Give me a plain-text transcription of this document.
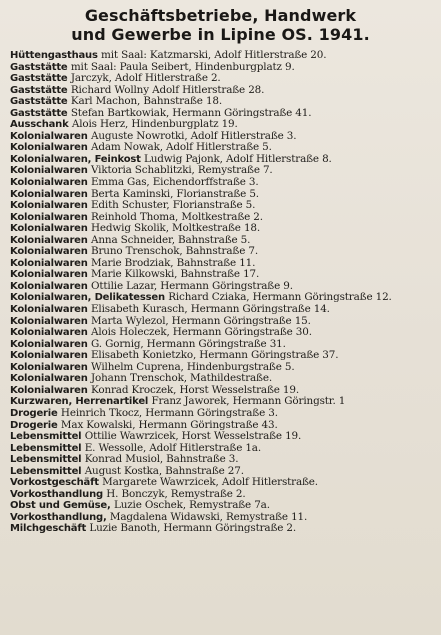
Geschäftsbetriebe, Handwerk
und Gewerbe in Lipine OS. 1941.
Hüttengasthaus mit Saal: Katzmarski, Adolf Hitlerstraße 20.
Gaststätte mit Saal: Paula Seibert, Hindenburgplatz 9.
Gaststätte Jarczyk, Adolf Hitlerstraße 2.
Gaststätte Richard Wollny Adolf Hitlerstraße 28.
Gaststätte Karl Machon, Bahnstraße 18.
Gaststätte Stefan Bartkowiak, Hermann Göringstraße 41.
Ausschank Alois Herz, Hindenburgplatz 19.
Kolonialwaren Auguste Nowrotki, Adolf Hitlerstraße 3.
Kolonialwaren Adam Nowak, Adolf Hitlerstraße 5.
Kolonialwaren, Feinkost Ludwig Pajonk, Adolf Hitlerstraße 8.
Kolonialwaren Viktoria Schablitzki, Remystraße 7.
Kolonialwaren Emma Gas, Eichendorffstraße 3.
Kolonialwaren Berta Kaminski, Florianstraße 5.
Kolonialwaren Edith Schuster, Florianstraße 5.
Kolonialwaren Reinhold Thoma, Moltkestraße 2.
Kolonialwaren Hedwig Skolik, Moltkestraße 18.
Kolonialwaren Anna Schneider, Bahnstraße 5.
Kolonialwaren Bruno Trenschok, Bahnstraße 7.
Kolonialwaren Marie Brodziak, Bahnstraße 11.
Kolonialwaren Marie Kilkowski, Bahnstraße 17.
Kolonialwaren Ottilie Lazar, Hermann Göringstraße 9.
Kolonialwaren, Delikatessen Richard Cziaka, Hermann Göringstraße 12.
Kolonialwaren Elisabeth Kurasch, Hermann Göringstraße 14.
Kolonialwaren Marta Wylezol, Hermann Göringstraße 15.
Kolonialwaren Alois Holeczek, Hermann Göringstraße 30.
Kolonialwaren G. Gornig, Hermann Göringstraße 31.
Kolonialwaren Elisabeth Konietzko, Hermann Göringstraße 37.
Kolonialwaren Wilhelm Cuprena, Hindenburgstraße 5.
Kolonialwaren Johann Trenschok, Mathildestraße.
Kolonialwaren Konrad Kroczek, Horst Wesselstraße 19.
Kurzwaren, Herrenartikel Franz Jaworek, Hermann Göringstr. 1
Drogerie Heinrich Tkocz, Hermann Göringstraße 3.
Drogerie Max Kowalski, Hermann Göringstraße 43.
Lebensmittel Ottilie Wawrzicek, Horst Wesselstraße 19.
Lebensmittel E. Wessolle, Adolf Hitlerstraße 1a.
Lebensmittel Konrad Musiol, Bahnstraße 3.
Lebensmittel August Kostka, Bahnstraße 27.
Vorkostgeschäft Margarete Wawrzicek, Adolf Hitlerstraße.
Vorkosthandlung H. Bonczyk, Remystraße 2.
Obst und Gemüse, Luzie Oschek, Remystraße 7a.
Vorkosthandlung, Magdalena Widawski, Remystraße 11.
Milchgeschäft Luzie Banoth, Hermann Göringstraße 2.
